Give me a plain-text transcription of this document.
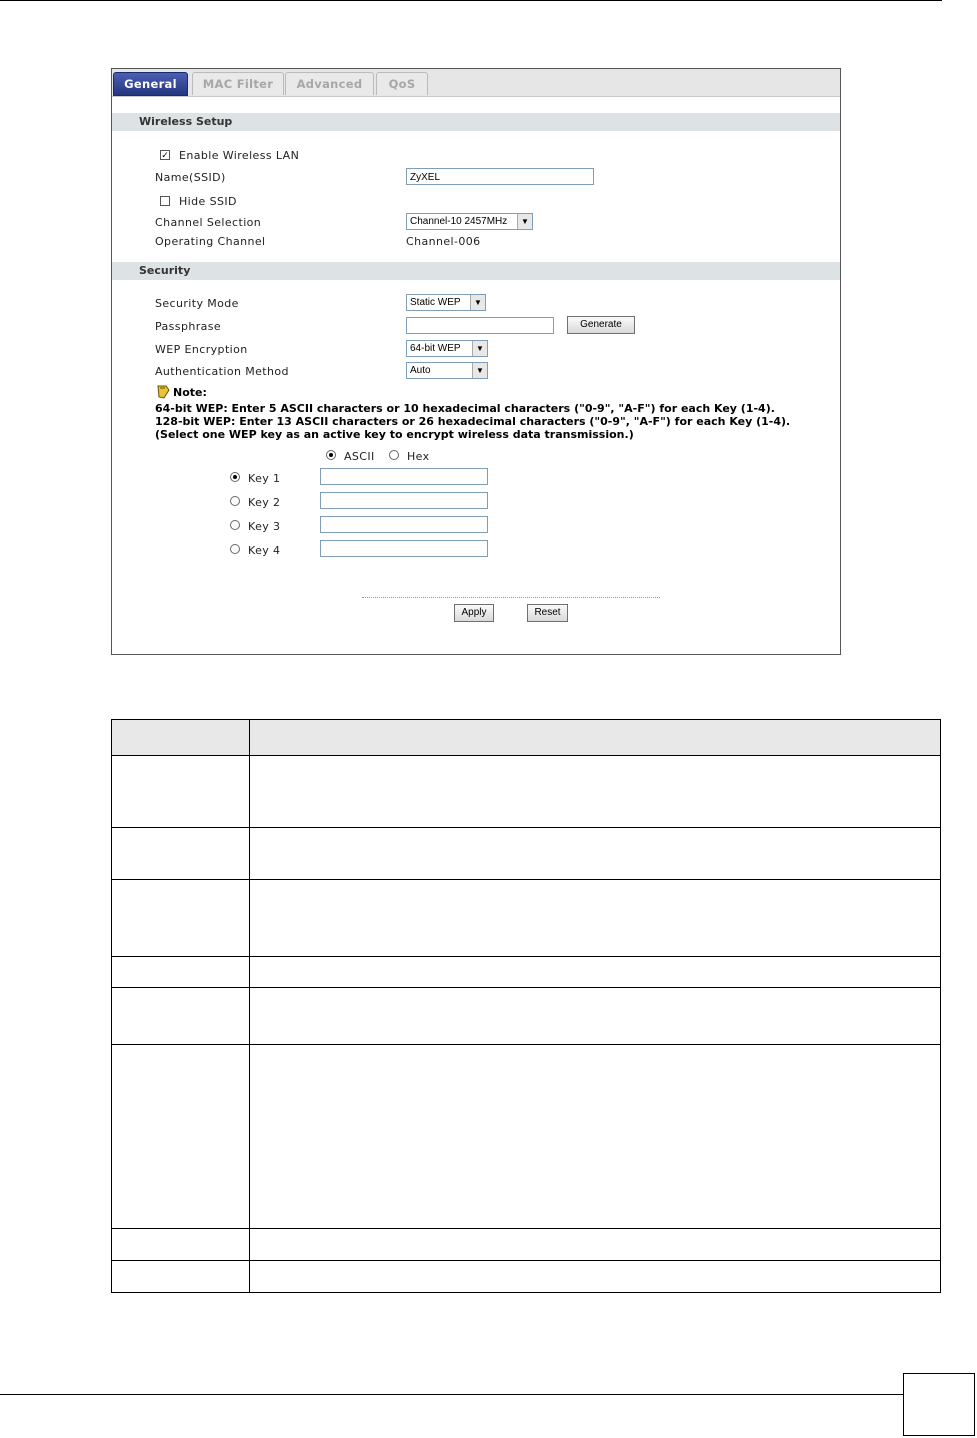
General	MAC Filter	Advanced	QoS
Wireless Setup
✓ Enable Wireless LAN
Name(SSID)	ZyXEL
Hide SSID
Channel Selection	Channel-10 2457MHz	▼
Operating Channel	Channel-006
Security
Security Mode	Static WEP	▼
Passphrase	Generate
WEP Encryption	64-bit WEP	▼
Authentication Method	Auto	▼
Note:
64-bit WEP: Enter 5 ASCII characters or 10 hexadecimal characters ("0-9", "A-F") for each Key (1-4).
128-bit WEP: Enter 13 ASCII characters or 26 hexadecimal characters ("0-9", "A-F") for each Key (1-4).
(Select one WEP key as an active key to encrypt wireless data transmission.)
ASCII	Hex
Key 1
Key 2
Key 3
Key 4
Apply	Reset
